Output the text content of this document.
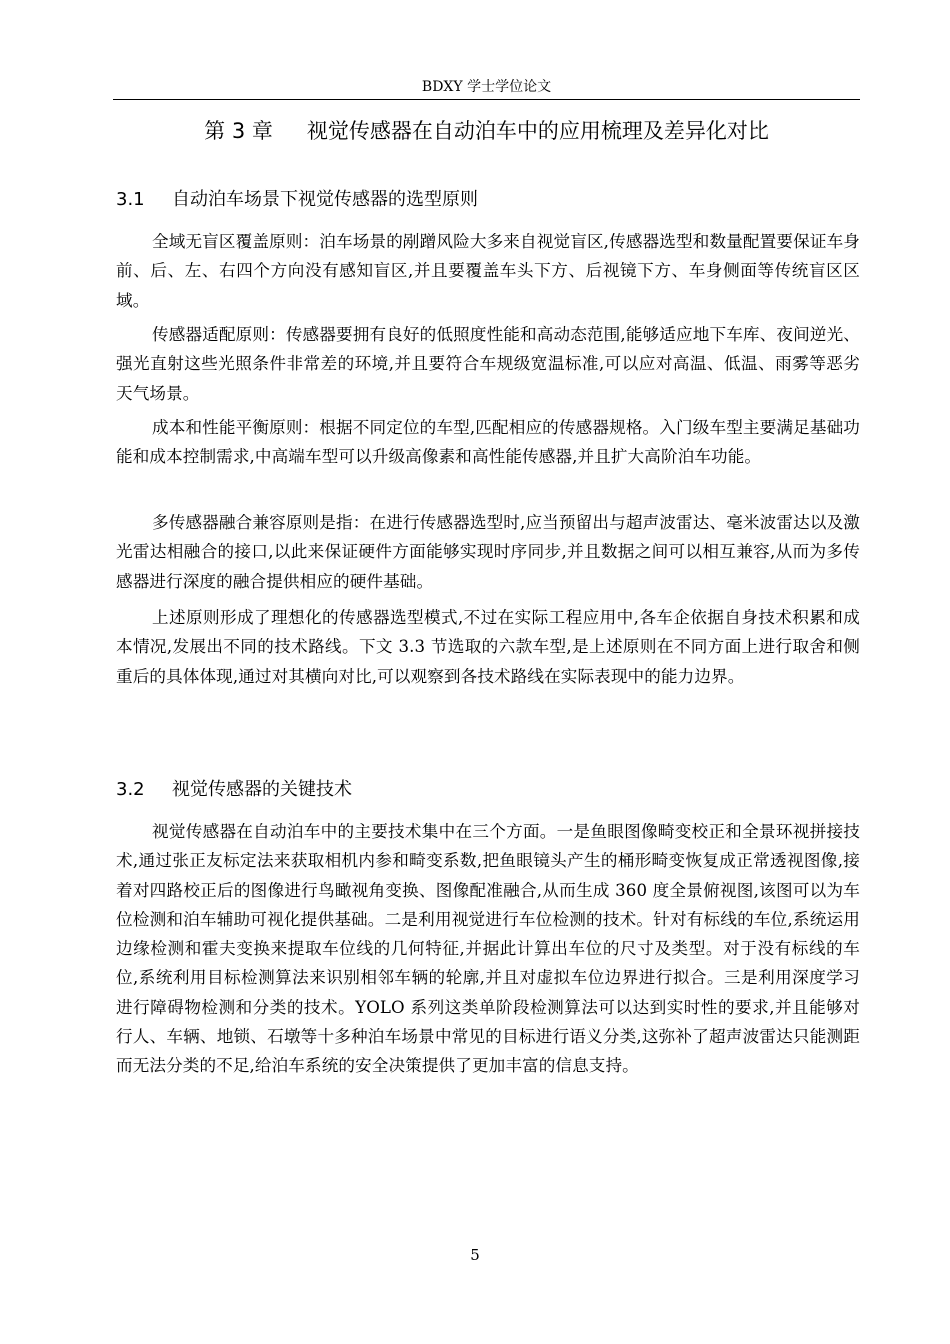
BDXY 学士学位论文
第 3 章 视觉传感器在自动泊车中的应用梳理及差异化对比
3.1 自动泊车场景下视觉传感器的选型原则

全域无盲区覆盖原则：泊车场景的剐蹭风险大多来自视觉盲区,传感器选型和数量配置要保证车身前、后、左、右四个方向没有感知盲区,并且要覆盖车头下方、后视镜下方、车身侧面等传统盲区区域。

传感器适配原则：传感器要拥有良好的低照度性能和高动态范围,能够适应地下车库、夜间逆光、强光直射这些光照条件非常差的环境,并且要符合车规级宽温标准,可以应对高温、低温、雨雾等恶劣天气场景。

成本和性能平衡原则：根据不同定位的车型,匹配相应的传感器规格。入门级车型主要满足基础功能和成本控制需求,中高端车型可以升级高像素和高性能传感器,并且扩大高阶泊车功能。

多传感器融合兼容原则是指：在进行传感器选型时,应当预留出与超声波雷达、毫米波雷达以及激光雷达相融合的接口,以此来保证硬件方面能够实现时序同步,并且数据之间可以相互兼容,从而为多传感器进行深度的融合提供相应的硬件基础。

上述原则形成了理想化的传感器选型模式,不过在实际工程应用中,各车企依据自身技术积累和成本情况,发展出不同的技术路线。下文 3.3 节选取的六款车型,是上述原则在不同方面上进行取舍和侧重后的具体体现,通过对其横向对比,可以观察到各技术路线在实际表现中的能力边界。

3.2 视觉传感器的关键技术

视觉传感器在自动泊车中的主要技术集中在三个方面。一是鱼眼图像畸变校正和全景环视拼接技术,通过张正友标定法来获取相机内参和畸变系数,把鱼眼镜头产生的桶形畸变恢复成正常透视图像,接着对四路校正后的图像进行鸟瞰视角变换、图像配准融合,从而生成 360 度全景俯视图,该图可以为车位检测和泊车辅助可视化提供基础。二是利用视觉进行车位检测的技术。针对有标线的车位,系统运用边缘检测和霍夫变换来提取车位线的几何特征,并据此计算出车位的尺寸及类型。对于没有标线的车位,系统利用目标检测算法来识别相邻车辆的轮廓,并且对虚拟车位边界进行拟合。三是利用深度学习进行障碍物检测和分类的技术。YOLO 系列这类单阶段检测算法可以达到实时性的要求,并且能够对行人、车辆、地锁、石墩等十多种泊车场景中常见的目标进行语义分类,这弥补了超声波雷达只能测距而无法分类的不足,给泊车系统的安全决策提供了更加丰富的信息支持。

5
